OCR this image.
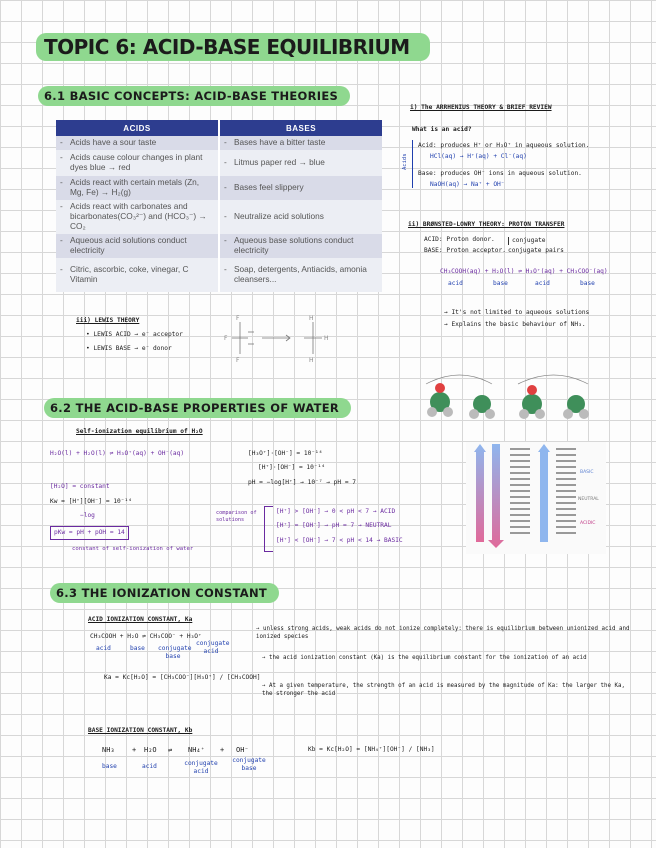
TOPIC 6: ACID-BASE EQUILIBRIUM
6.1 BASIC CONCEPTS: ACID-BASE THEORIES
ACIDS	BASES
- Acids have a sour taste	- Bases have a bitter taste
- Acids cause colour changes in plant dyes blue → red	- Litmus paper red → blue
- Acids react with certain metals (Zn, Mg, Fe) → H₂(g)	- Bases feel slippery
- Acids react with carbonates and bicarbonates(CO₃²⁻) and (HCO₃⁻) → CO₂	- Neutralize acid solutions
- Aqueous acid solutions conduct electricity	- Aqueous base solutions conduct electricity
- Citric, ascorbic, coke, vinegar, C Vitamin	- Soap, detergents, Antiacids, amonia cleansers...
i) The ARRHENIUS THEORY & BRIEF REVIEW
What is an acid?
Acids
Acid: produces H⁺ or H₃O⁺ in aqueous solution.
HCl(aq) → H⁺(aq) + Cl⁻(aq)
Base: produces OH⁻ ions in aqueous solution.
NaOH(aq) → Na⁺ + OH⁻
ii) BRØNSTED-LOWRY THEORY: PROTON TRANSFER
ACID: Proton donor.
BASE: Proton acceptor.
conjugate
conjugate pairs
CH₃COOH(aq) + H₂O(l) ⇌ H₃O⁺(aq) + CH₃COO⁻(aq)
acid	base	acid	base
→ It's not limited to aqueous solutions
→ Explains the basic behaviour of NH₃.
iii) LEWIS THEORY
• LEWIS ACID → e⁻ acceptor
• LEWIS BASE → e⁻ donor
F
F
F
H
H
H
6.2 THE ACID-BASE PROPERTIES OF WATER
Self-ionization equilibrium of H₂O
H₂O(l) + H₂O(l) ⇌ H₃O⁺(aq) + OH⁻(aq)
[H₂O] = constant
Kw = [H⁺][OH⁻] = 10⁻¹⁴
−log
pKw = pH + pOH = 14
constant of self-ionization of water
[H₃O⁺]·[OH⁻] = 10⁻¹⁴
[H⁺]·[OH⁻] = 10⁻¹⁴
pH = −log[H⁺] → 10⁻⁷ → pH = 7
comparison of solutions
[H⁺] > [OH⁻] → 0 < pH < 7 → ACID
[H⁺] = [OH⁻] → pH = 7 → NEUTRAL
[H⁺] < [OH⁻] → 7 < pH < 14 → BASIC
BASIC
NEUTRAL
ACIDIC
6.3 THE IONIZATION CONSTANT
ACID IONIZATION CONSTANT, Ka
CH₃COOH + H₂O ⇌ CH₃COO⁻ + H₃O⁺
acid	base conjugate base
conjugate acid
Ka = Kc[H₂O] = [CH₃COO⁻][H₃O⁺] / [CH₃COOH]
→ unless strong acids, weak acids do not ionize completely: there is equilibrium between unionized acid and ionized species
→ the acid ionization constant (Ka) is the equilibrium constant for the ionization of an acid
→ At a given temperature, the strength of an acid is measured by the magnitude of Ka: the larger the Ka, the stronger the acid
BASE IONIZATION CONSTANT, Kb
NH₃ + H₂O ⇌ NH₄⁺ + OH⁻
base	acid	conjugate acid
conjugate base
Kb = Kc[H₂O] = [NH₄⁺][OH⁻] / [NH₃]
